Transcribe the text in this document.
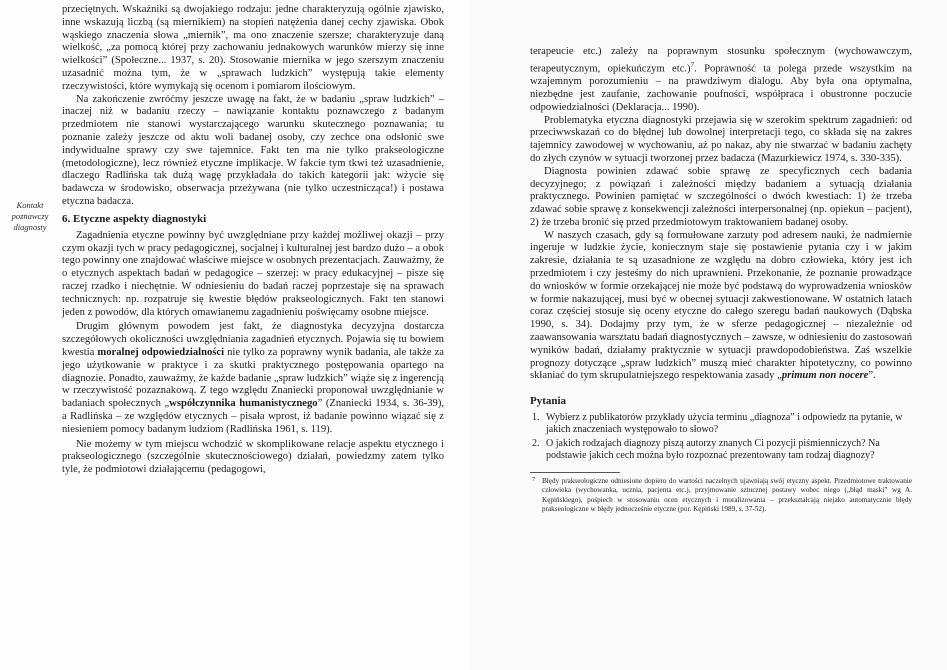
Kontakt
poznawczy
diagnosty

przeciętnych. Wskaźniki są dwojakiego rodzaju: jedne charakteryzują ogólnie zjawisko, inne wskazują liczbą (są miernikiem) na stopień natężenia danej cechy zjawiska. Obok wąskiego znaczenia słowa „miernik”, ma ono znaczenie szersze; charakteryzuje daną wielkość, „za pomocą której przy zachowaniu jednakowych warunków mierzy się inne wielkości” (Społeczne... 1937, s. 20). Stosowanie miernika w jego szerszym znaczeniu uzasadnić można tym, że w „sprawach ludzkich” występują takie elementy rzeczywistości, które wymykają się ocenom i pomiarom ilościowym.

Na zakończenie zwróćmy jeszcze uwagę na fakt, że w badaniu „spraw ludzkich” – inaczej niż w badaniu rzeczy – nawiązanie kontaktu poznawczego z badanym przedmiotem nie stanowi wystarczającego warunku skutecznego poznawania; tu poznanie zależy jeszcze od aktu woli badanej osoby, czy zechce ona odsłonić swe indywidualne sprawy czy swe tajemnice. Fakt ten ma nie tylko prakseologiczne (metodologiczne), lecz również etyczne implikacje. W fakcie tym tkwi też uzasadnienie, dlaczego Radlińska tak dużą wagę przykładała do takich kategorii jak: wżycie się badawcza w środowisko, obserwacja przeżywana (nie tylko uczestnicząca!) i postawa etyczna badacza.

6. Etyczne aspekty diagnostyki

Zagadnienia etyczne powinny być uwzględniane przy każdej możliwej okazji – przy czym okazji tych w pracy pedagogicznej, socjalnej i kulturalnej jest bardzo dużo – a obok tego powinny one znajdować właściwe miejsce w osobnych prezentacjach. Zauważmy, że o etycznych aspektach badań w pedagogice – szerzej: w pracy edukacyjnej – pisze się raczej rzadko i niechętnie. W odniesieniu do badań raczej poprzestaje się na sprawach technicznych: np. rozpatruje się kwestie błędów prakseologicznych. Fakt ten stanowi jeden z powodów, dla których omawianemu zagadnieniu poświęcamy osobne miejsce.

Drugim głównym powodem jest fakt, że diagnostyka decyzyjna dostarcza szczegółowych okoliczności uwzględniania zagadnień etycznych. Pojawia się tu bowiem kwestia moralnej odpowiedzialności nie tylko za poprawny wynik badania, ale także za jego użytkowanie w praktyce i za skutki praktycznego postępowania opartego na diagnozie. Ponadto, zauważmy, że każde badanie „spraw ludzkich” wiąże się z ingerencją w rzeczywistość pozaznakową. Z tego względu Znaniecki proponował uwzględnianie w badaniach społecznych „współczynnika humanistycznego” (Znaniecki 1934, s. 36-39), a Radlińska – ze względów etycznych – pisała wprost, iż badanie powinno wiązać się z niesieniem pomocy badanym ludziom (Radlińska 1961, s. 119).

Nie możemy w tym miejscu wchodzić w skomplikowane relacje aspektu etycznego i prakseologicznego (szczególnie skutecznościowego) działań, powiedzmy zatem tylko tyle, że podmiotowi działającemu (pedagogowi,

terapeucie etc.) zależy na poprawnym stosunku społecznym (wychowawczym, terapeutycznym, opiekuńczym etc.)$^7$. Poprawność ta polega przede wszystkim na wzajemnym porozumieniu – na prawdziwym dialogu. Aby była ona optymalna, niezbędne jest zaufanie, zachowanie poufności, współpraca i obustronne poczucie odpowiedzialności (Deklaracja... 1990).

Problematyka etyczna diagnostyki przejawia się w szerokim spektrum zagadnień: od przeciwwskazań co do błędnej lub dowolnej interpretacji tego, co składa się na zakres tajemnicy zawodowej w wychowaniu, aż po nakaz, aby nie stwarzać w badaniu zachęty do złych czynów w sytuacji tworzonej przez badacza (Mazurkiewicz 1974, s. 330-335).

Diagnosta powinien zdawać sobie sprawę ze specyficznych cech badania decyzyjnego; z powiązań i zależności między badaniem a sytuacją działania praktycznego. Powinien pamiętać w szczególności o dwóch kwestiach: 1) że trzeba zdawać sobie sprawę z konsekwencji zależności interpersonalnej (np. opiekun – pacjent), 2) że trzeba bronić się przed przedmiotowym traktowaniem badanej osoby.

W naszych czasach, gdy są formułowane zarzuty pod adresem nauki, że nadmiernie ingeruje w ludzkie życie, koniecznym staje się postawienie pytania czy i w jakim zakresie, działania te są uzasadnione ze względu na dobro człowieka, który jest ich przedmiotem i czy jesteśmy do nich uprawnieni. Przekonanie, że poznanie prowadzące do wniosków w formie orzekającej nie może być podstawą do wyprowadzenia wniosków w formie nakazującej, musi być w obecnej sytuacji zakwestionowane. W ostatnich latach coraz częściej stosuje się oceny etyczne do całego szeregu badań naukowych (Dąbska 1990, s. 34). Dodajmy przy tym, że w sferze pedagogicznej – niezależnie od zaawansowania warsztatu badań diagnostycznych – zawsze, w odniesieniu do zastosowań wyników badań, działamy praktycznie w sytuacji prawdopodobieństwa. Zaś wszelkie prognozy dotyczące „spraw ludzkich” muszą mieć charakter hipotetyczny, co powinno skłaniać do tym skrupulatniejszego respektowania zasady „primum non nocere”.

Pytania
1. Wybierz z publikatorów przykłady użycia terminu „diagnoza” i odpowiedz na pytanie, w jakich znaczeniach występowało to słowo?
2. O jakich rodzajach diagnozy piszą autorzy znanych Ci pozycji piśmienniczych? Na podstawie jakich cech można było rozpoznać prezentowany tam rodzaj diagnozy?
7 Błędy prakseologiczne odniesione dopiero do wartości naczelnych ujawniają swój etyczny aspekt. Przedmiotowe traktowanie człowieka (wychowanka, ucznia, pacjenta etc.), przyjmowanie sztucznej postawy wobec niego („błąd maski” wg A. Kępińskiego), pośpiech w stosowaniu ocen etycznych i moralizowania – przekształcają niejako automatycznie błędy prakseologiczne w błędy jednocześnie etyczne (por. Kępiński 1989, s. 37-52).
